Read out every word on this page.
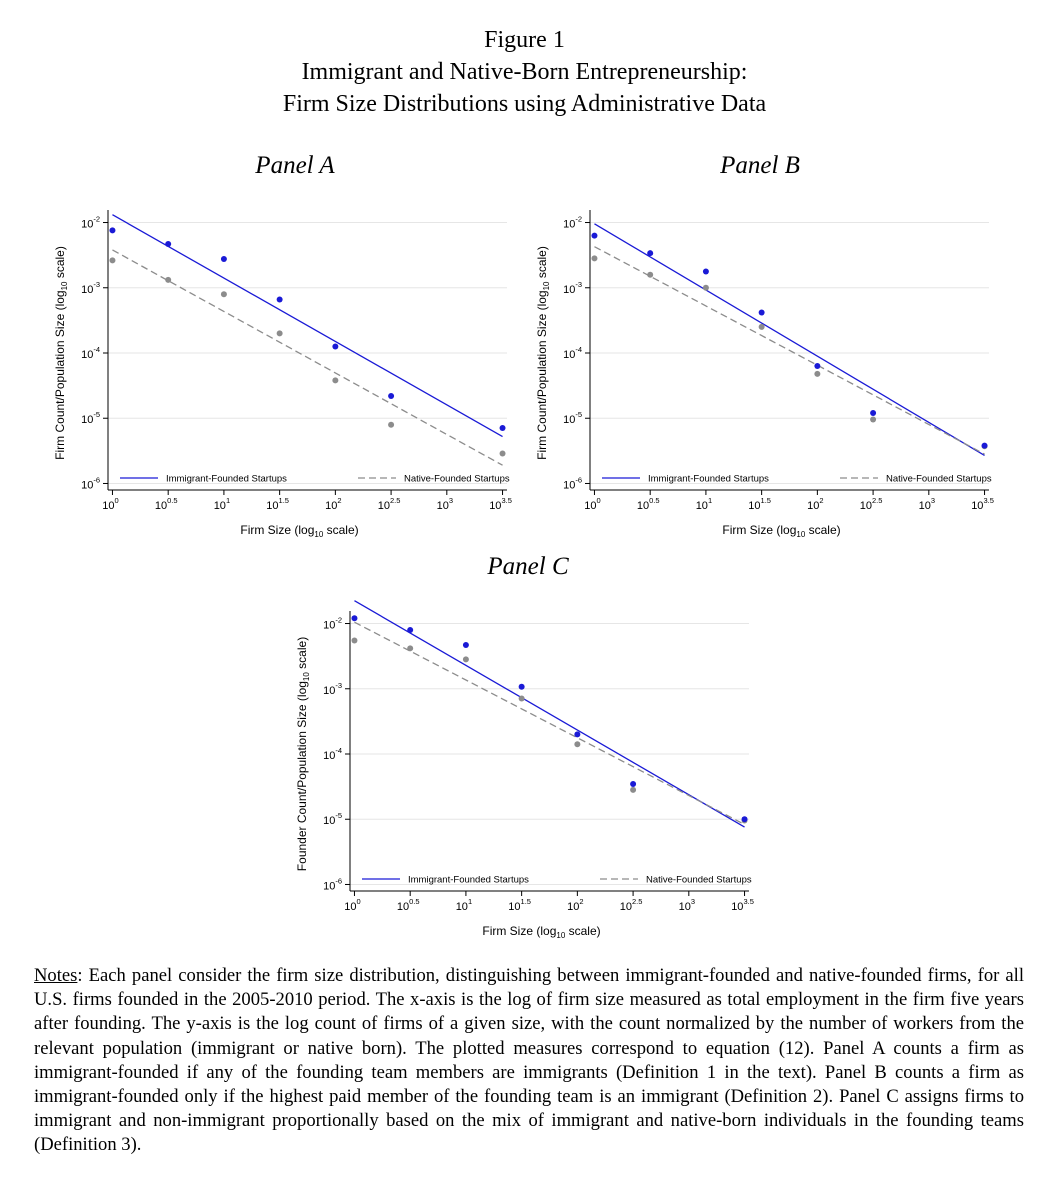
Figure 1
Immigrant and Native-Born Entrepreneurship:
Firm Size Distributions using Administrative Data
Panel A	Panel B
Panel C
$10^{-2}$
$10^{-3}$
$10^{-4}$
$10^{-5}$
$10^{-6}$
$10^0$	$10^{0.5}$	$10^1$	$10^{1.5}$	$10^2$	$10^{2.5}$	$10^3$	$10^{3.5}$
Immigrant-Founded Startups	Native-Founded Startups
Firm Size ($\log_{10}$ scale)
Firm Count/Population Size ($\log_{10}$ scale)
$10^{-2}$
$10^{-3}$
$10^{-4}$
$10^{-5}$
$10^{-6}$
$10^0$	$10^{0.5}$	$10^1$	$10^{1.5}$	$10^2$	$10^{2.5}$	$10^3$	$10^{3.5}$
Immigrant-Founded Startups	Native-Founded Startups
Firm Size ($\log_{10}$ scale)
Firm Count/Population Size ($\log_{10}$ scale)
$10^{-2}$
$10^{-3}$
$10^{-4}$
$10^{-5}$
$10^{-6}$
$10^0$	$10^{0.5}$	$10^1$	$10^{1.5}$	$10^2$	$10^{2.5}$	$10^3$	$10^{3.5}$
Immigrant-Founded Startups	Native-Founded Startups
Firm Size ($\log_{10}$ scale)
Founder Count/Population Size ($\log_{10}$ scale)
Notes: Each panel consider the firm size distribution, distinguishing between immigrant-founded and native-founded firms, for all U.S. firms founded in the 2005-2010 period. The x-axis is the log of firm size measured as total employment in the firm five years after founding. The y-axis is the log count of firms of a given size, with the count normalized by the number of workers from the relevant population (immigrant or native born). The plotted measures correspond to equation (12). Panel A counts a firm as immigrant-founded if any of the founding team members are immigrants (Definition 1 in the text). Panel B counts a firm as immigrant-founded only if the highest paid member of the founding team is an immigrant (Definition 2). Panel C assigns firms to immigrant and non-immigrant proportionally based on the mix of immigrant and native-born individuals in the founding teams (Definition 3).
